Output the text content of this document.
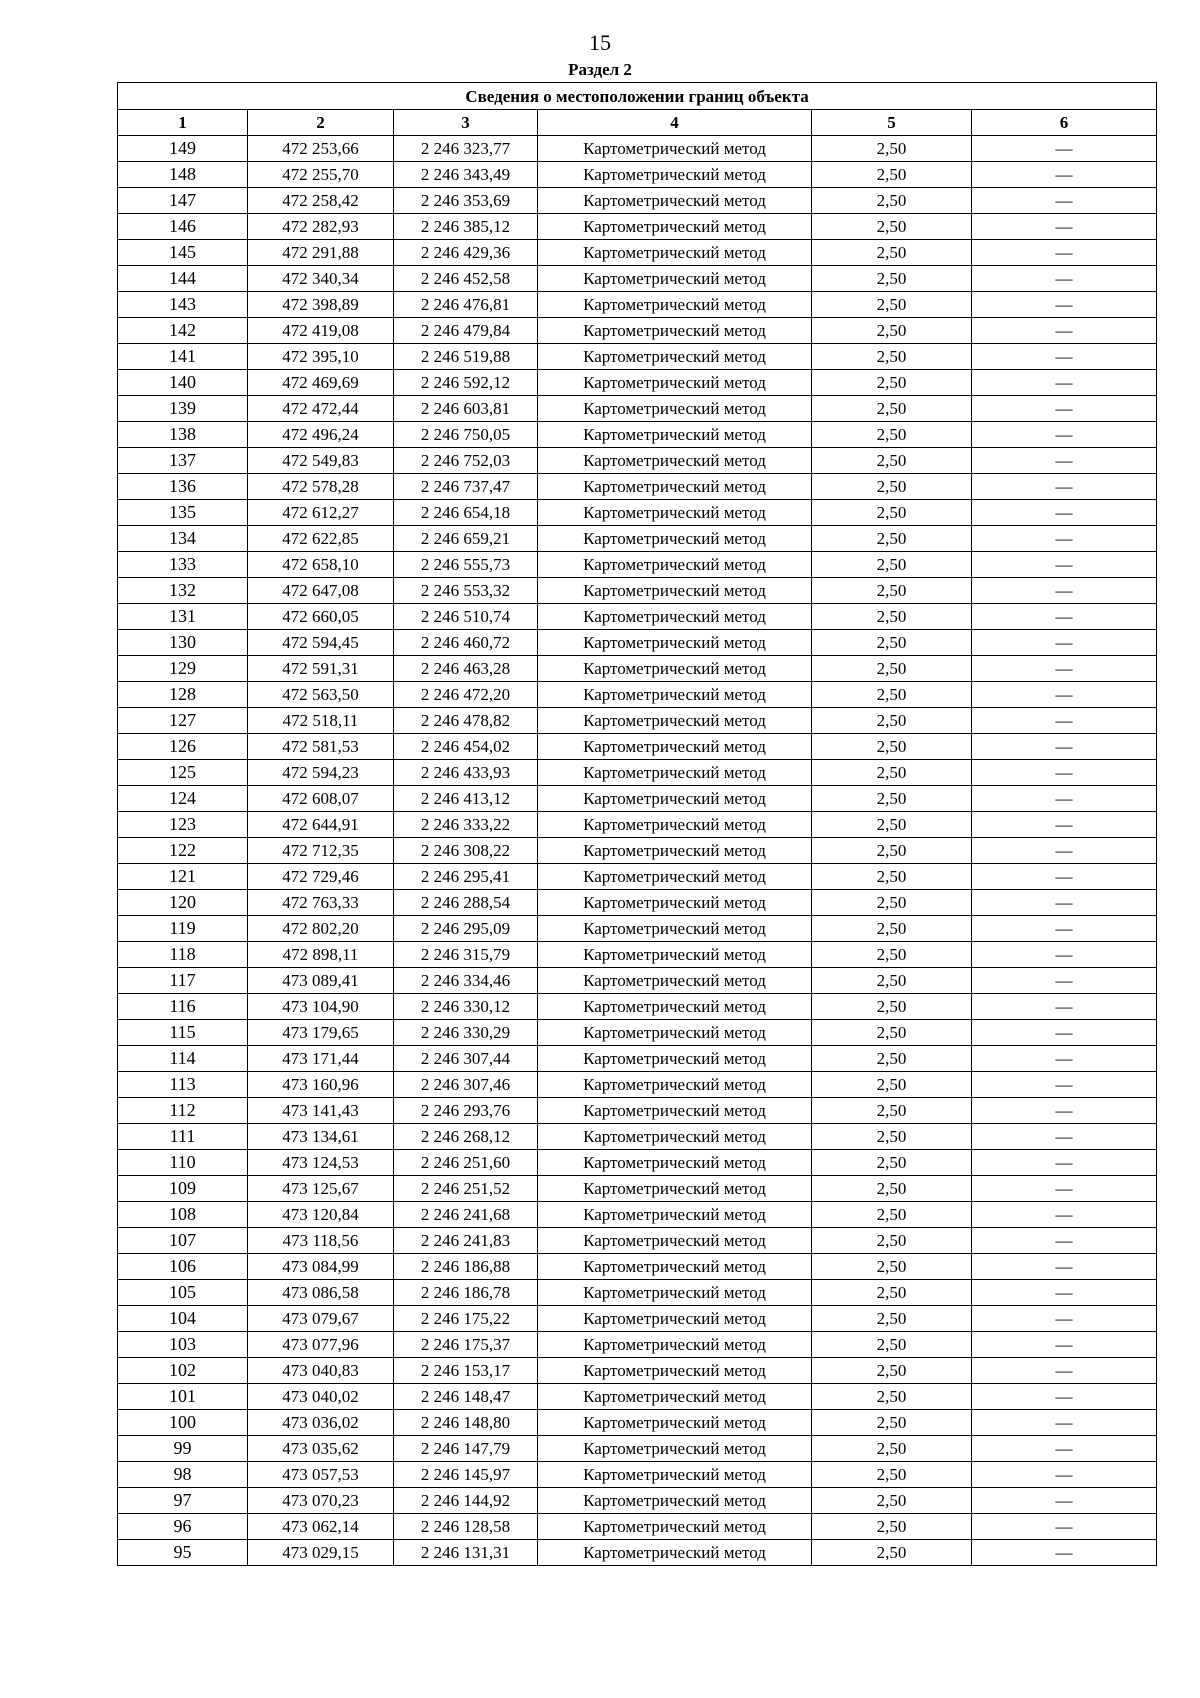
15
Раздел 2
Сведения о местоположении границ объекта					
1	2	3	4	5	6
149	472 253,66	2 246 323,77	Картометрический метод	2,50	—
148	472 255,70	2 246 343,49	Картометрический метод	2,50	—
147	472 258,42	2 246 353,69	Картометрический метод	2,50	—
146	472 282,93	2 246 385,12	Картометрический метод	2,50	—
145	472 291,88	2 246 429,36	Картометрический метод	2,50	—
144	472 340,34	2 246 452,58	Картометрический метод	2,50	—
143	472 398,89	2 246 476,81	Картометрический метод	2,50	—
142	472 419,08	2 246 479,84	Картометрический метод	2,50	—
141	472 395,10	2 246 519,88	Картометрический метод	2,50	—
140	472 469,69	2 246 592,12	Картометрический метод	2,50	—
139	472 472,44	2 246 603,81	Картометрический метод	2,50	—
138	472 496,24	2 246 750,05	Картометрический метод	2,50	—
137	472 549,83	2 246 752,03	Картометрический метод	2,50	—
136	472 578,28	2 246 737,47	Картометрический метод	2,50	—
135	472 612,27	2 246 654,18	Картометрический метод	2,50	—
134	472 622,85	2 246 659,21	Картометрический метод	2,50	—
133	472 658,10	2 246 555,73	Картометрический метод	2,50	—
132	472 647,08	2 246 553,32	Картометрический метод	2,50	—
131	472 660,05	2 246 510,74	Картометрический метод	2,50	—
130	472 594,45	2 246 460,72	Картометрический метод	2,50	—
129	472 591,31	2 246 463,28	Картометрический метод	2,50	—
128	472 563,50	2 246 472,20	Картометрический метод	2,50	—
127	472 518,11	2 246 478,82	Картометрический метод	2,50	—
126	472 581,53	2 246 454,02	Картометрический метод	2,50	—
125	472 594,23	2 246 433,93	Картометрический метод	2,50	—
124	472 608,07	2 246 413,12	Картометрический метод	2,50	—
123	472 644,91	2 246 333,22	Картометрический метод	2,50	—
122	472 712,35	2 246 308,22	Картометрический метод	2,50	—
121	472 729,46	2 246 295,41	Картометрический метод	2,50	—
120	472 763,33	2 246 288,54	Картометрический метод	2,50	—
119	472 802,20	2 246 295,09	Картометрический метод	2,50	—
118	472 898,11	2 246 315,79	Картометрический метод	2,50	—
117	473 089,41	2 246 334,46	Картометрический метод	2,50	—
116	473 104,90	2 246 330,12	Картометрический метод	2,50	—
115	473 179,65	2 246 330,29	Картометрический метод	2,50	—
114	473 171,44	2 246 307,44	Картометрический метод	2,50	—
113	473 160,96	2 246 307,46	Картометрический метод	2,50	—
112	473 141,43	2 246 293,76	Картометрический метод	2,50	—
111	473 134,61	2 246 268,12	Картометрический метод	2,50	—
110	473 124,53	2 246 251,60	Картометрический метод	2,50	—
109	473 125,67	2 246 251,52	Картометрический метод	2,50	—
108	473 120,84	2 246 241,68	Картометрический метод	2,50	—
107	473 118,56	2 246 241,83	Картометрический метод	2,50	—
106	473 084,99	2 246 186,88	Картометрический метод	2,50	—
105	473 086,58	2 246 186,78	Картометрический метод	2,50	—
104	473 079,67	2 246 175,22	Картометрический метод	2,50	—
103	473 077,96	2 246 175,37	Картометрический метод	2,50	—
102	473 040,83	2 246 153,17	Картометрический метод	2,50	—
101	473 040,02	2 246 148,47	Картометрический метод	2,50	—
100	473 036,02	2 246 148,80	Картометрический метод	2,50	—
99	473 035,62	2 246 147,79	Картометрический метод	2,50	—
98	473 057,53	2 246 145,97	Картометрический метод	2,50	—
97	473 070,23	2 246 144,92	Картометрический метод	2,50	—
96	473 062,14	2 246 128,58	Картометрический метод	2,50	—
95	473 029,15	2 246 131,31	Картометрический метод	2,50	—
